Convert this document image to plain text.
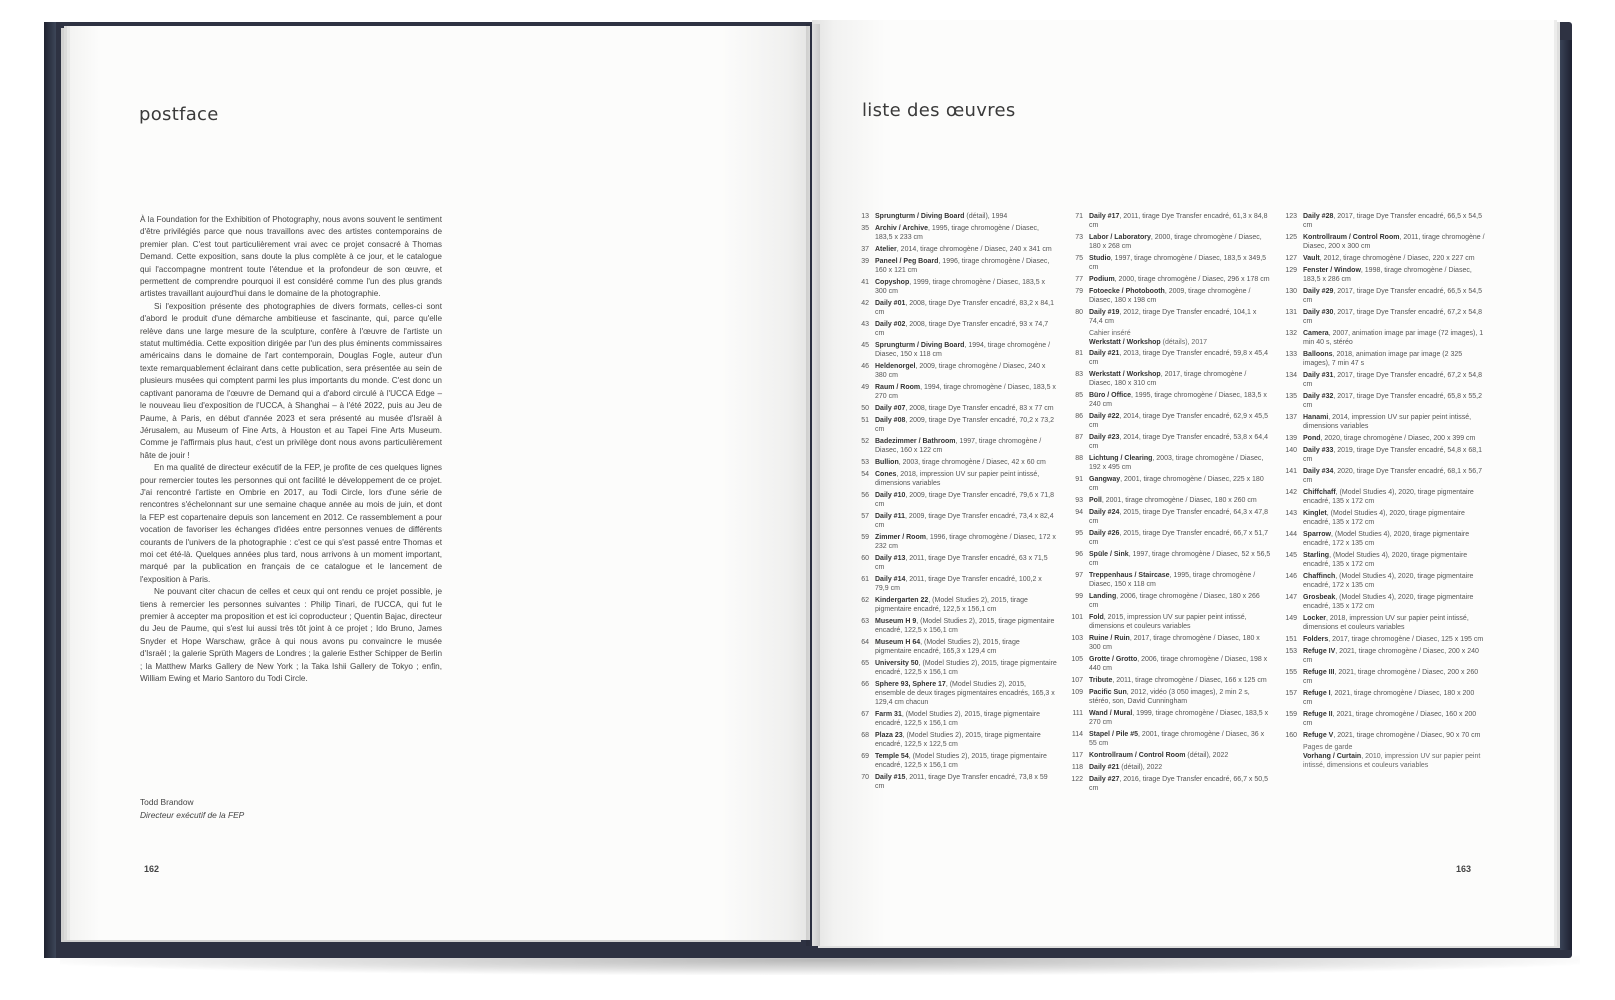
postface

À la Foundation for the Exhibition of Photography, nous avons souvent le sentiment d'être privilégiés parce que nous travaillons avec des artistes contemporains de premier plan. C'est tout particulièrement vrai avec ce projet consacré à Thomas Demand. Cette exposition, sans doute la plus complète à ce jour, et le catalogue qui l'accompagne montrent toute l'étendue et la profondeur de son œuvre, et permettent de comprendre pourquoi il est considéré comme l'un des plus grands artistes travaillant aujourd'hui dans le domaine de la photographie.

Si l'exposition présente des photographies de divers formats, celles-ci sont d'abord le produit d'une démarche ambitieuse et fascinante, qui, parce qu'elle relève dans une large mesure de la sculpture, confère à l'œuvre de l'artiste un statut multimédia. Cette exposition dirigée par l'un des plus éminents commissaires américains dans le domaine de l'art contemporain, Douglas Fogle, auteur d'un texte remarquablement éclairant dans cette publication, sera présentée au sein de plusieurs musées qui comptent parmi les plus importants du monde. C'est donc un captivant panorama de l'œuvre de Demand qui a d'abord circulé à l'UCCA Edge – le nouveau lieu d'exposition de l'UCCA, à Shanghai – à l'été 2022, puis au Jeu de Paume, à Paris, en début d'année 2023 et sera présenté au musée d'Israël à Jérusalem, au Museum of Fine Arts, à Houston et au Tapei Fine Arts Museum. Comme je l'affirmais plus haut, c'est un privilège dont nous avons particulièrement hâte de jouir !

En ma qualité de directeur exécutif de la FEP, je profite de ces quelques lignes pour remercier toutes les personnes qui ont facilité le développement de ce projet. J'ai rencontré l'artiste en Ombrie en 2017, au Todi Circle, lors d'une série de rencontres s'échelonnant sur une semaine chaque année au mois de juin, et dont la FEP est copartenaire depuis son lancement en 2012. Ce rassemblement a pour vocation de favoriser les échanges d'idées entre personnes venues de différents courants de l'univers de la photographie : c'est ce qui s'est passé entre Thomas et moi cet été-là. Quelques années plus tard, nous arrivons à un moment important, marqué par la publication en français de ce catalogue et le lancement de l'exposition à Paris.

Ne pouvant citer chacun de celles et ceux qui ont rendu ce projet possible, je tiens à remercier les personnes suivantes : Philip Tinari, de l'UCCA, qui fut le premier à accepter ma proposition et est ici coproducteur ; Quentin Bajac, directeur du Jeu de Paume, qui s'est lui aussi très tôt joint à ce projet ; Ido Bruno, James Snyder et Hope Warschaw, grâce à qui nous avons pu convaincre le musée d'Israël ; la galerie Sprüth Magers de Londres ; la galerie Esther Schipper de Berlin ; la Matthew Marks Gallery de New York ; la Taka Ishii Gallery de Tokyo ; enfin, William Ewing et Mario Santoro du Todi Circle.

Todd Brandow
Directeur exécutif de la FEP
162
liste des œuvres
13 Sprungturm / Diving Board (détail), 1994
35 Archiv / Archive, 1995, tirage chromogène / Diasec, 183,5 x 233 cm
37 Atelier, 2014, tirage chromogène / Diasec, 240 x 341 cm
39 Paneel / Peg Board, 1996, tirage chromogène / Diasec, 160 x 121 cm
41 Copyshop, 1999, tirage chromogène / Diasec, 183,5 x 300 cm
42 Daily #01, 2008, tirage Dye Transfer encadré, 83,2 x 84,1 cm
43 Daily #02, 2008, tirage Dye Transfer encadré, 93 x 74,7 cm
45 Sprungturm / Diving Board, 1994, tirage chromogène / Diasec, 150 x 118 cm
46 Heldenorgel, 2009, tirage chromogène / Diasec, 240 x 380 cm
49 Raum / Room, 1994, tirage chromogène / Diasec, 183,5 x 270 cm
50 Daily #07, 2008, tirage Dye Transfer encadré, 83 x 77 cm
51 Daily #08, 2009, tirage Dye Transfer encadré, 70,2 x 73,2 cm
52 Badezimmer / Bathroom, 1997, tirage chromogène / Diasec, 160 x 122 cm
53 Bullion, 2003, tirage chromogène / Diasec, 42 x 60 cm
54 Cones, 2018, impression UV sur papier peint intissé, dimensions variables
56 Daily #10, 2009, tirage Dye Transfer encadré, 79,6 x 71,8 cm
57 Daily #11, 2009, tirage Dye Transfer encadré, 73,4 x 82,4 cm
59 Zimmer / Room, 1996, tirage chromogène / Diasec, 172 x 232 cm
60 Daily #13, 2011, tirage Dye Transfer encadré, 63 x 71,5 cm
61 Daily #14, 2011, tirage Dye Transfer encadré, 100,2 x 79,9 cm
62 Kindergarten 22, (Model Studies 2), 2015, tirage pigmentaire encadré, 122,5 x 156,1 cm
63 Museum H 9, (Model Studies 2), 2015, tirage pigmentaire encadré, 122,5 x 156,1 cm
64 Museum H 64, (Model Studies 2), 2015, tirage pigmentaire encadré, 165,3 x 129,4 cm
65 University 50, (Model Studies 2), 2015, tirage pigmentaire encadré, 122,5 x 156,1 cm
66 Sphere 93, Sphere 17, (Model Studies 2), 2015, ensemble de deux tirages pigmentaires encadrés, 165,3 x 129,4 cm chacun
67 Farm 31, (Model Studies 2), 2015, tirage pigmentaire encadré, 122,5 x 156,1 cm
68 Plaza 23, (Model Studies 2), 2015, tirage pigmentaire encadré, 122,5 x 122,5 cm
69 Temple 54, (Model Studies 2), 2015, tirage pigmentaire encadré, 122,5 x 156,1 cm
70 Daily #15, 2011, tirage Dye Transfer encadré, 73,8 x 59 cm
71 Daily #17, 2011, tirage Dye Transfer encadré, 61,3 x 84,8 cm
73 Labor / Laboratory, 2000, tirage chromogène / Diasec, 180 x 268 cm
75 Studio, 1997, tirage chromogène / Diasec, 183,5 x 349,5 cm
77 Podium, 2000, tirage chromogène / Diasec, 296 x 178 cm
79 Fotoecke / Photobooth, 2009, tirage chromogène / Diasec, 180 x 198 cm
80 Daily #19, 2012, tirage Dye Transfer encadré, 104,1 x 74,4 cm
Cahier inséré
Werkstatt / Workshop (détails), 2017
81 Daily #21, 2013, tirage Dye Transfer encadré, 59,8 x 45,4 cm
83 Werkstatt / Workshop, 2017, tirage chromogène / Diasec, 180 x 310 cm
85 Büro / Office, 1995, tirage chromogène / Diasec, 183,5 x 240 cm
86 Daily #22, 2014, tirage Dye Transfer encadré, 62,9 x 45,5 cm
87 Daily #23, 2014, tirage Dye Transfer encadré, 53,8 x 64,4 cm
88 Lichtung / Clearing, 2003, tirage chromogène / Diasec, 192 x 495 cm
91 Gangway, 2001, tirage chromogène / Diasec, 225 x 180 cm
93 Poll, 2001, tirage chromogène / Diasec, 180 x 260 cm
94 Daily #24, 2015, tirage Dye Transfer encadré, 64,3 x 47,8 cm
95 Daily #26, 2015, tirage Dye Transfer encadré, 66,7 x 51,7 cm
96 Spüle / Sink, 1997, tirage chromogène / Diasec, 52 x 56,5 cm
97 Treppenhaus / Staircase, 1995, tirage chromogène / Diasec, 150 x 118 cm
99 Landing, 2006, tirage chromogène / Diasec, 180 x 266 cm
101 Fold, 2015, impression UV sur papier peint intissé, dimensions et couleurs variables
103 Ruine / Ruin, 2017, tirage chromogène / Diasec, 180 x 300 cm
105 Grotte / Grotto, 2006, tirage chromogène / Diasec, 198 x 440 cm
107 Tribute, 2011, tirage chromogène / Diasec, 166 x 125 cm
109 Pacific Sun, 2012, vidéo (3 050 images), 2 min 2 s, stéréo, son, David Cunningham
111 Wand / Mural, 1999, tirage chromogène / Diasec, 183,5 x 270 cm
114 Stapel / Pile #5, 2001, tirage chromogène / Diasec, 36 x 55 cm
117 Kontrollraum / Control Room (détail), 2022
118 Daily #21 (détail), 2022
122 Daily #27, 2016, tirage Dye Transfer encadré, 66,7 x 50,5 cm
123 Daily #28, 2017, tirage Dye Transfer encadré, 66,5 x 54,5 cm
125 Kontrollraum / Control Room, 2011, tirage chromogène / Diasec, 200 x 300 cm
127 Vault, 2012, tirage chromogène / Diasec, 220 x 227 cm
129 Fenster / Window, 1998, tirage chromogène / Diasec, 183,5 x 286 cm
130 Daily #29, 2017, tirage Dye Transfer encadré, 66,5 x 54,5 cm
131 Daily #30, 2017, tirage Dye Transfer encadré, 67,2 x 54,8 cm
132 Camera, 2007, animation image par image (72 images), 1 min 40 s, stéréo
133 Balloons, 2018, animation image par image (2 325 images), 7 min 47 s
134 Daily #31, 2017, tirage Dye Transfer encadré, 67,2 x 54,8 cm
135 Daily #32, 2017, tirage Dye Transfer encadré, 65,8 x 55,2 cm
137 Hanami, 2014, impression UV sur papier peint intissé, dimensions variables
139 Pond, 2020, tirage chromogène / Diasec, 200 x 399 cm
140 Daily #33, 2019, tirage Dye Transfer encadré, 54,8 x 68,1 cm
141 Daily #34, 2020, tirage Dye Transfer encadré, 68,1 x 56,7 cm
142 Chiffchaff, (Model Studies 4), 2020, tirage pigmentaire encadré, 135 x 172 cm
143 Kinglet, (Model Studies 4), 2020, tirage pigmentaire encadré, 135 x 172 cm
144 Sparrow, (Model Studies 4), 2020, tirage pigmentaire encadré, 172 x 135 cm
145 Starling, (Model Studies 4), 2020, tirage pigmentaire encadré, 135 x 172 cm
146 Chaffinch, (Model Studies 4), 2020, tirage pigmentaire encadré, 172 x 135 cm
147 Grosbeak, (Model Studies 4), 2020, tirage pigmentaire encadré, 135 x 172 cm
149 Locker, 2018, impression UV sur papier peint intissé, dimensions et couleurs variables
151 Folders, 2017, tirage chromogène / Diasec, 125 x 195 cm
153 Refuge IV, 2021, tirage chromogène / Diasec, 200 x 240 cm
155 Refuge III, 2021, tirage chromogène / Diasec, 200 x 260 cm
157 Refuge I, 2021, tirage chromogène / Diasec, 180 x 200 cm
159 Refuge II, 2021, tirage chromogène / Diasec, 160 x 200 cm
160 Refuge V, 2021, tirage chromogène / Diasec, 90 x 70 cm
Pages de garde
Vorhang / Curtain, 2010, impression UV sur papier peint intissé, dimensions et couleurs variables
163
